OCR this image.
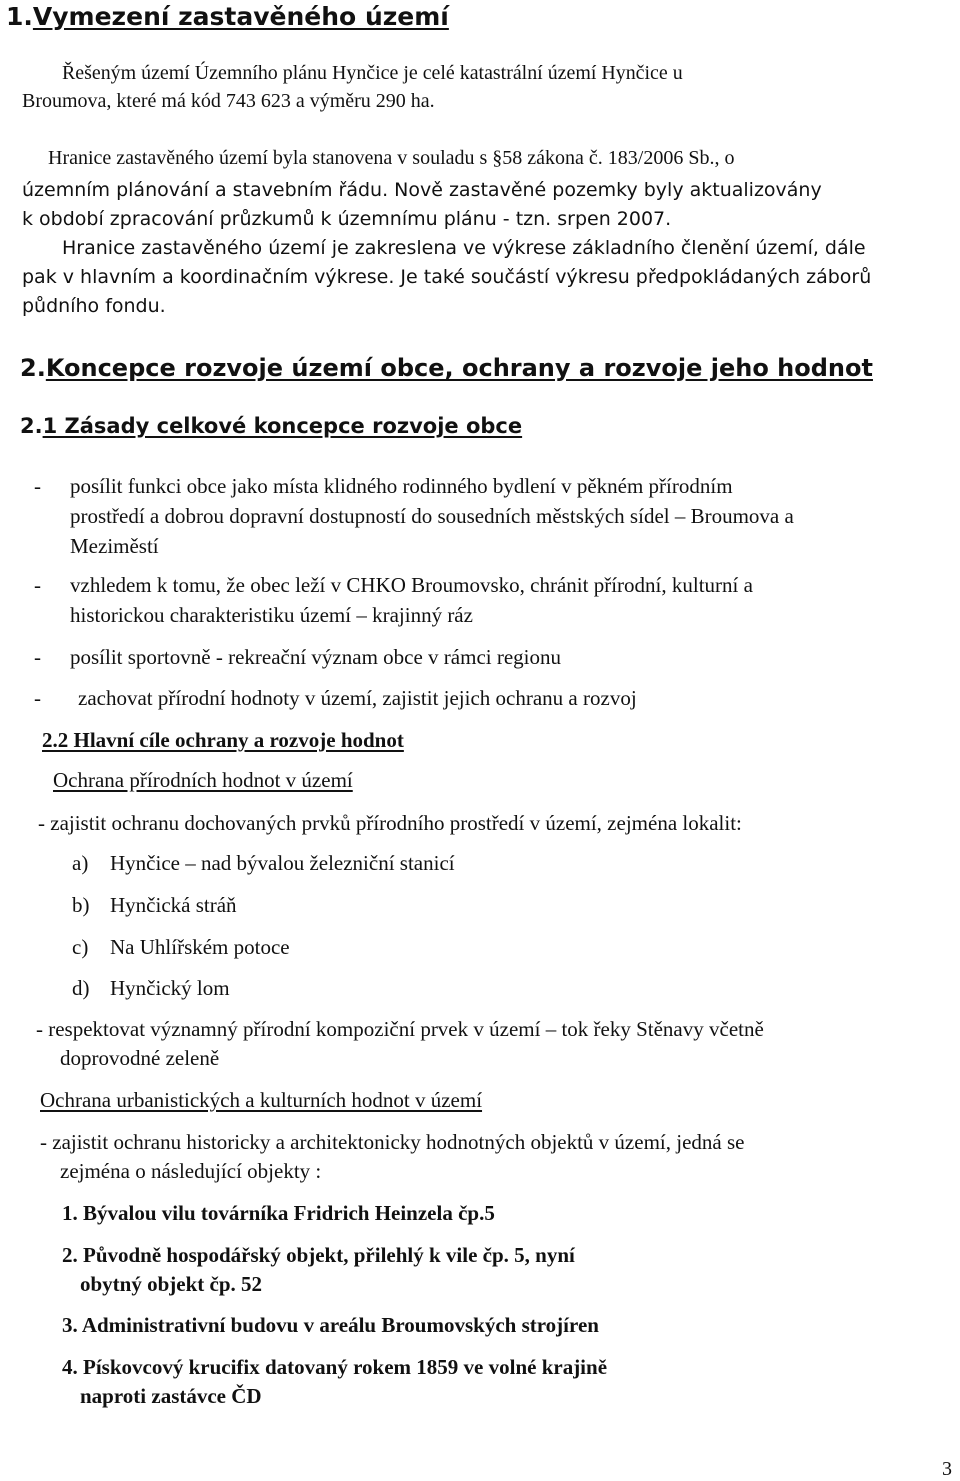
1.Vymezení zastavěného území
Řešeným území Územního plánu Hynčice je celé katastrální území Hynčice u
Broumova, které má kód 743 623 a výměru 290 ha.
Hranice zastavěného území byla stanovena v souladu s §58 zákona č. 183/2006 Sb., o
územním plánování a stavebním řádu. Nově zastavěné pozemky byly aktualizovány
k období zpracování průzkumů k územnímu plánu - tzn. srpen 2007.
Hranice zastavěného území je zakreslena ve výkrese základního členění území, dále
pak v hlavním a koordinačním výkrese. Je také součástí výkresu předpokládaných záborů
půdního fondu.
2.Koncepce rozvoje území obce, ochrany a rozvoje jeho hodnot
2.1 Zásady celkové koncepce rozvoje obce
- posílit funkci obce jako místa klidného rodinného bydlení v pěkném přírodním
prostředí a dobrou dopravní dostupností do sousedních městských sídel – Broumova a
Meziměstí
- vzhledem k tomu, že obec leží v CHKO Broumovsko, chránit přírodní, kulturní a
historickou charakteristiku území – krajinný ráz
- posílit sportovně - rekreační význam obce v rámci regionu
- zachovat přírodní hodnoty v území, zajistit jejich ochranu a rozvoj
2.2 Hlavní cíle ochrany a rozvoje hodnot
Ochrana přírodních hodnot v území
- zajistit ochranu dochovaných prvků přírodního prostředí v území, zejména lokalit:
a) Hynčice – nad bývalou železniční stanicí
b) Hynčická stráň
c) Na Uhlířském potoce
d) Hynčický lom
- respektovat významný přírodní kompoziční prvek v území – tok řeky Stěnavy včetně
doprovodné zeleně
Ochrana urbanistických a kulturních hodnot v území
- zajistit ochranu historicky a architektonicky hodnotných objektů v území, jedná se
zejména o následující objekty :
1. Bývalou vilu továrníka Fridrich Heinzela čp.5
2. Původně hospodářský objekt, přilehlý k vile čp. 5, nyní
obytný objekt čp. 52
3. Administrativní budovu v areálu Broumovských strojíren
4. Pískovcový krucifix datovaný rokem 1859 ve volné krajině
naproti zastávce ČD
3
